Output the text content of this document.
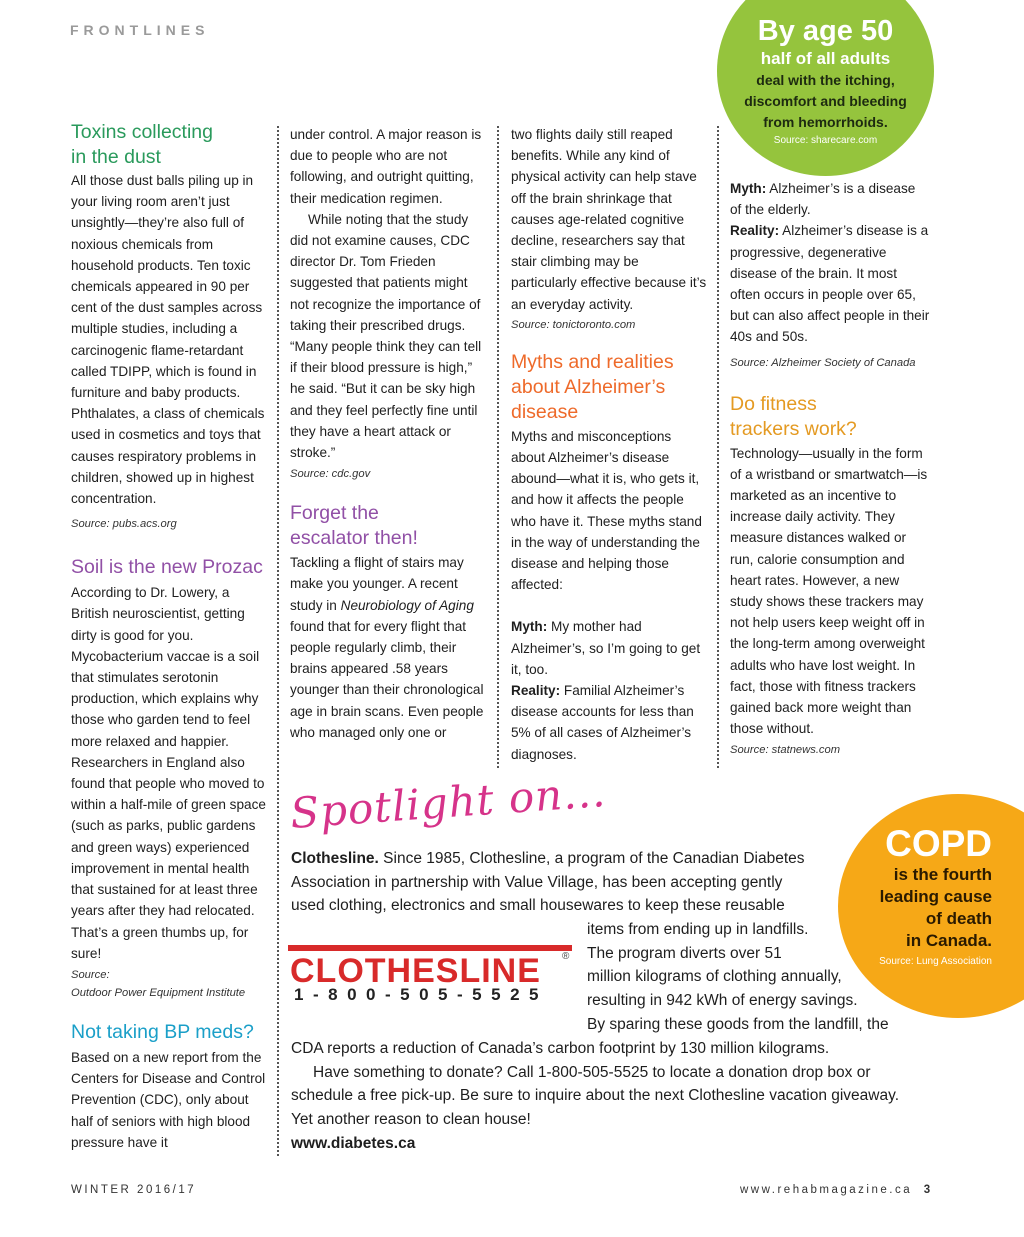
FRONTLINES
Toxins collecting
in the dust

All those dust balls piling up in your living room aren’t just unsightly—they’re also full of noxious chemicals from household products. Ten toxic chemicals appeared in 90 per cent of the dust samples across multiple studies, including a carcinogenic flame-retardant called TDIPP, which is found in furniture and baby products. Phthalates, a class of chemicals used in cosmetics and toys that causes respiratory problems in children, showed up in highest concentration.

Source: pubs.acs.org

Soil is the new Prozac

According to Dr. Lowery, a British neuroscientist, getting dirty is good for you. Mycobacterium vaccae is a soil that stimulates serotonin production, which explains why those who garden tend to feel more relaxed and happier. Researchers in England also found that people who moved to within a half-mile of green space (such as parks, public gardens and green ways) experienced improvement in mental health that sustained for at least three years after they had relocated. That’s a green thumbs up, for sure!

Source:
Outdoor Power Equipment Institute

Not taking BP meds?

Based on a new report from the Centers for Disease and Control Prevention (CDC), only about half of seniors with high blood pressure have it

under control. A major reason is due to people who are not following, and outright quitting, their medication regimen.

While noting that the study did not examine causes, CDC director Dr. Tom Frieden suggested that patients might not recognize the importance of taking their prescribed drugs. “Many people think they can tell if their blood pressure is high,” he said. “But it can be sky high and they feel perfectly fine until they have a heart attack or stroke.”

Source: cdc.gov

Forget the
escalator then!

Tackling a flight of stairs may make you younger. A recent study in Neurobiology of Aging found that for every flight that people regularly climb, their brains appeared .58 years younger than their chronological age in brain scans. Even people who managed only one or

two flights daily still reaped benefits. While any kind of physical activity can help stave off the brain shrinkage that causes age-related cognitive decline, researchers say that stair climbing may be particularly effective because it’s an everyday activity.

Source: tonictoronto.com

Myths and realities
about Alzheimer’s
disease

Myths and misconceptions about Alzheimer’s disease abound—what it is, who gets it, and how it affects the people who have it. These myths stand in the way of understanding the disease and helping those affected:

Myth: My mother had Alzheimer’s, so I’m going to get it, too.

Reality: Familial Alzheimer’s disease accounts for less than 5% of all cases of Alzheimer’s diagnoses.

Myth: Alzheimer’s is a disease of the elderly.

Reality: Alzheimer’s disease is a progressive, degenerative disease of the brain. It most often occurs in people over 65, but can also affect people in their 40s and 50s.

Source: Alzheimer Society of Canada

Do fitness
trackers work?

Technology—usually in the form of a wristband or smartwatch—is marketed as an incentive to increase daily activity. They measure distances walked or run, calorie consumption and heart rates. However, a new study shows these trackers may not help users keep weight off in the long-term among overweight adults who have lost weight. In fact, those with fitness trackers gained back more weight than those without.

Source: statnews.com

By age 50
half of all adults
deal with the itching,
discomfort and bleeding
from hemorrhoids.
Source: sharecare.com
COPD
is the fourth
leading cause
of death
in Canada.
Source: Lung Association
Spotlight on...
Clothesline. Since 1985, Clothesline, a program of the Canadian Diabetes
Association in partnership with Value Village, has been accepting gently
used clothing, electronics and small housewares to keep these reusable
items from ending up in landfills.
The program diverts over 51
million kilograms of clothing annually,
resulting in 942 kWh of energy savings.
By sparing these goods from the landfill, the
CDA reports a reduction of Canada’s carbon footprint by 130 million kilograms.
Have something to donate? Call 1-800-505-5525 to locate a donation drop box or
schedule a free pick-up. Be sure to inquire about the next Clothesline vacation giveaway.
Yet another reason to clean house!
www.diabetes.ca
CLOTHESLINE ®
1-800-505-5525
WINTER 2016/17	www.rehabmagazine.ca 3
